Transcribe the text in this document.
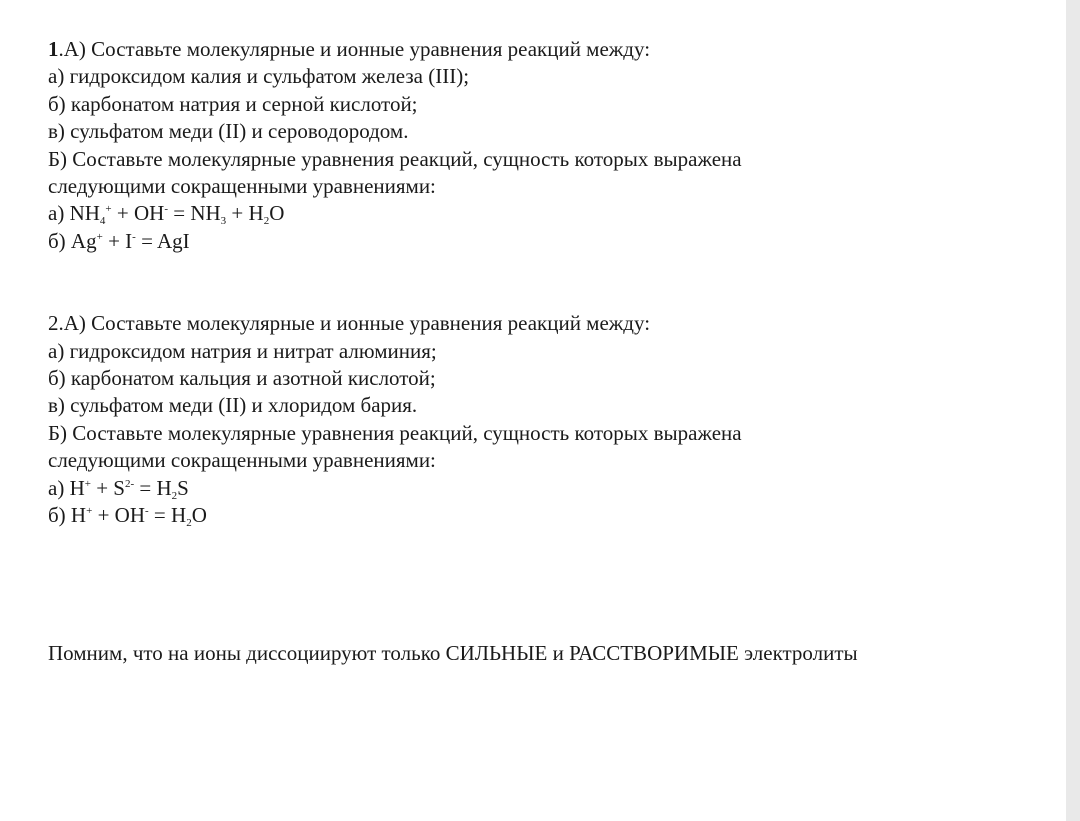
1.А) Составьте молекулярные и ионные уравнения реакций между:
а) гидроксидом калия и сульфатом железа (III);
б) карбонатом натрия и серной кислотой;
в) сульфатом меди (II) и сероводородом.
Б) Составьте молекулярные уравнения реакций, сущность которых выражена
следующими сокращенными уравнениями:
а) $NH_4^+ + OH^- = NH_3 + H_2O$
б) Ag+ + I- = AgI
2.А) Составьте молекулярные и ионные уравнения реакций между:
а) гидроксидом натрия и нитрат алюминия;
б) карбонатом кальция и азотной кислотой;
в) сульфатом меди (II) и хлоридом бария.
Б) Составьте молекулярные уравнения реакций, сущность которых выражена
следующими сокращенными уравнениями:
а) $H^+ + S^{2-} = H_2S$
б) $H^+ + OH^- = H_2O$
Помним, что на ионы диссоциируют только СИЛЬНЫЕ и РАССТВОРИМЫЕ электролиты
